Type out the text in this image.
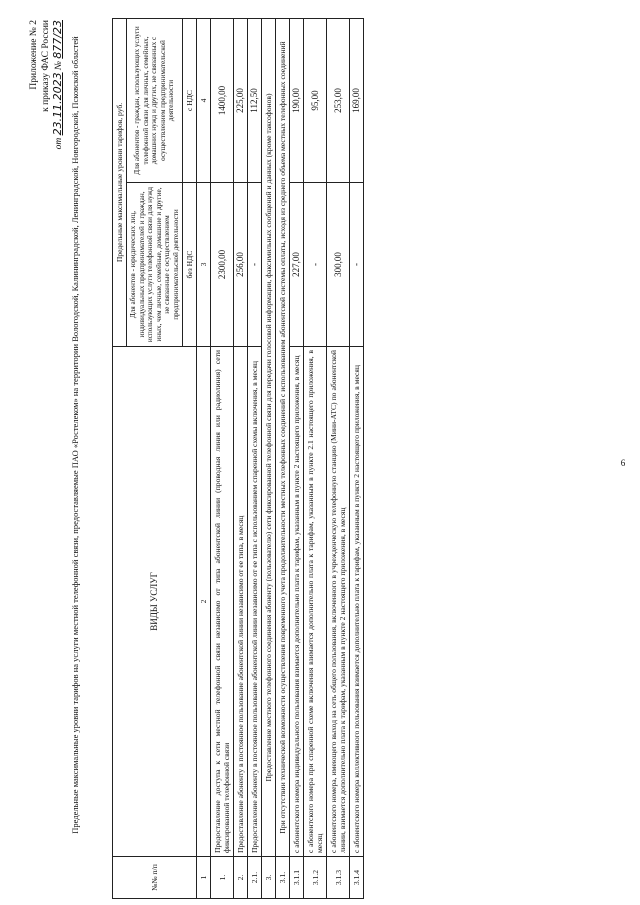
6
Приложение № 2 к приказу ФАС России
от 23.11.2023 № 877/23 Предельные максимальные уровни тарифов на услуги местной телефонной связи, предоставляемые ПАО «Ростелеком» на территории Вологодской, Калининградской, Ленинградской, Новгородской, Псковской областей
№№ п/п	ВИДЫ УСЛУГ	Предельные максимальные уровни тарифов, руб.	
		Для абонентов - юридических лиц, индивидуальных предпринимателей и граждан, использующих услуги телефонной связи для нужд иных, чем личные, семейные, домашние и другие, не связанные с осуществлением предпринимательской деятельности	Для абонентов - граждан, использующих услуги телефонной связи для личных, семейных, домашних нужд и других, не связанных с осуществлением предпринимательской деятельности
		без НДС	с НДС
1	2	3	4
1.	Предоставление доступа к сети местной телефонной связи независимо от типа абонентской линии (проводная линия или радиолиния) сети фиксированной телефонной связи	2300,00	1400,00
2.	Предоставление абоненту в постоянное пользование абонентской линии независимо от ее типа, в месяц	256,00	225,00
2.1.	Предоставление абоненту в постоянное пользование абонентской линии независимо от ее типа с использованием спаренной схемы включения, в месяц	-	112,50
3.	Предоставление местного телефонного соединения абоненту (пользователю) сети фиксированной телефонной связи для передачи голосовой информации, факсимильных сообщений и данных (кроме таксофонов)		
3.1.	При отсутствии технической возможности осуществления повременного учета продолжительности местных телефонных соединений с использованием абонентской системы оплаты, исходя из среднего объема местных телефонных соединений		
3.1.1	с абонентского номера индивидуального пользования взимается дополнительно плата к тарифам, указанным в пункте 2 настоящего приложения, в месяц	227,00	190,00
3.1.2	с абонентского номера при спаренной схеме включения взимается дополнительно плата к тарифам, указанным в пункте 2.1 настоящего приложения, в месяц	-	95,00
3.1.3	с абонентского номера, имеющего выход на сеть общего пользования, включенного в учрежденческую телефонную станцию (Мини-АТС) по абонентской линии, взимается дополнительно плата к тарифам, указанным в пункте 2 настоящего приложения, в месяц	300,00	253,00
3.1.4	с абонентского номера коллективного пользования взимается дополнительно плата к тарифам, указанным в пункте 2 настоящего приложения, в месяц	-	169,00
